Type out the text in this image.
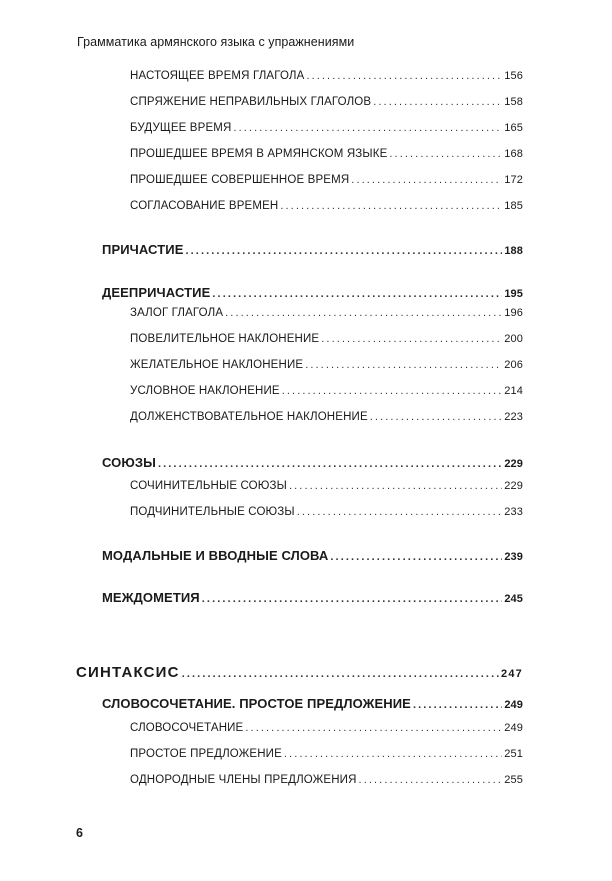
Грамматика армянского языка с упражнениями
НАСТОЯЩЕЕ ВРЕМЯ ГЛАГОЛА .....	156
СПРЯЖЕНИЕ НЕПРАВИЛЬНЫХ ГЛАГОЛОВ .....	158
БУДУЩЕЕ ВРЕМЯ .....	165
ПРОШЕДШЕЕ ВРЕМЯ В АРМЯНСКОМ ЯЗЫКЕ .....	168
ПРОШЕДШЕЕ СОВЕРШЕННОЕ ВРЕМЯ .....	172
СОГЛАСОВАНИЕ ВРЕМЕН .....	185
ПРИЧАСТИЕ .....	188
ДЕЕПРИЧАСТИЕ .....	195
ЗАЛОГ ГЛАГОЛА .....	196
ПОВЕЛИТЕЛЬНОЕ НАКЛОНЕНИЕ .....	200
ЖЕЛАТЕЛЬНОЕ НАКЛОНЕНИЕ .....	206
УСЛОВНОЕ НАКЛОНЕНИЕ .....	214
ДОЛЖЕНСТВОВАТЕЛЬНОЕ НАКЛОНЕНИЕ .....	223
СОЮЗЫ .....	229
СОЧИНИТЕЛЬНЫЕ СОЮЗЫ .....	229
ПОДЧИНИТЕЛЬНЫЕ СОЮЗЫ .....	233
МОДАЛЬНЫЕ И ВВОДНЫЕ СЛОВА .....	239
МЕЖДОМЕТИЯ .....	245
СИНТАКСИС .....	247
СЛОВОСОЧЕТАНИЕ. ПРОСТОЕ ПРЕДЛОЖЕНИЕ .....	249
СЛОВОСОЧЕТАНИЕ .....	249
ПРОСТОЕ ПРЕДЛОЖЕНИЕ .....	251
ОДНОРОДНЫЕ ЧЛЕНЫ ПРЕДЛОЖЕНИЯ .....	255
6
